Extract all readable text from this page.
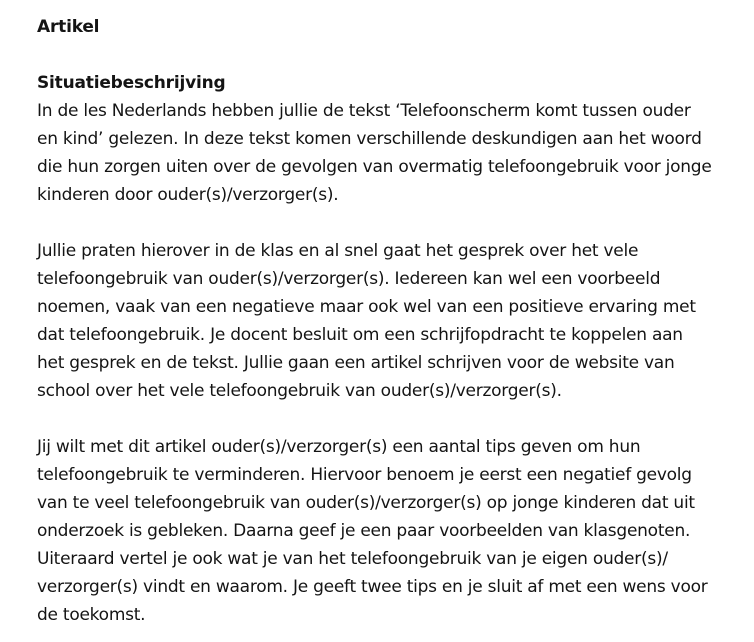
Artikel
Situatiebeschrijving

In de les Nederlands hebben jullie de tekst ‘Telefoonscherm komt tussen ouder
en kind’ gelezen. In deze tekst komen verschillende deskundigen aan het woord
die hun zorgen uiten over de gevolgen van overmatig telefoongebruik voor jonge
kinderen door ouder(s)/verzorger(s).

Jullie praten hierover in de klas en al snel gaat het gesprek over het vele
telefoongebruik van ouder(s)/verzorger(s). Iedereen kan wel een voorbeeld
noemen, vaak van een negatieve maar ook wel van een positieve ervaring met
dat telefoongebruik. Je docent besluit om een schrijfopdracht te koppelen aan
het gesprek en de tekst. Jullie gaan een artikel schrijven voor de website van
school over het vele telefoongebruik van ouder(s)/verzorger(s).

Jij wilt met dit artikel ouder(s)/verzorger(s) een aantal tips geven om hun
telefoongebruik te verminderen. Hiervoor benoem je eerst een negatief gevolg
van te veel telefoongebruik van ouder(s)/verzorger(s) op jonge kinderen dat uit
onderzoek is gebleken. Daarna geef je een paar voorbeelden van klasgenoten.
Uiteraard vertel je ook wat je van het telefoongebruik van je eigen ouder(s)/
verzorger(s) vindt en waarom. Je geeft twee tips en je sluit af met een wens voor
de toekomst.
